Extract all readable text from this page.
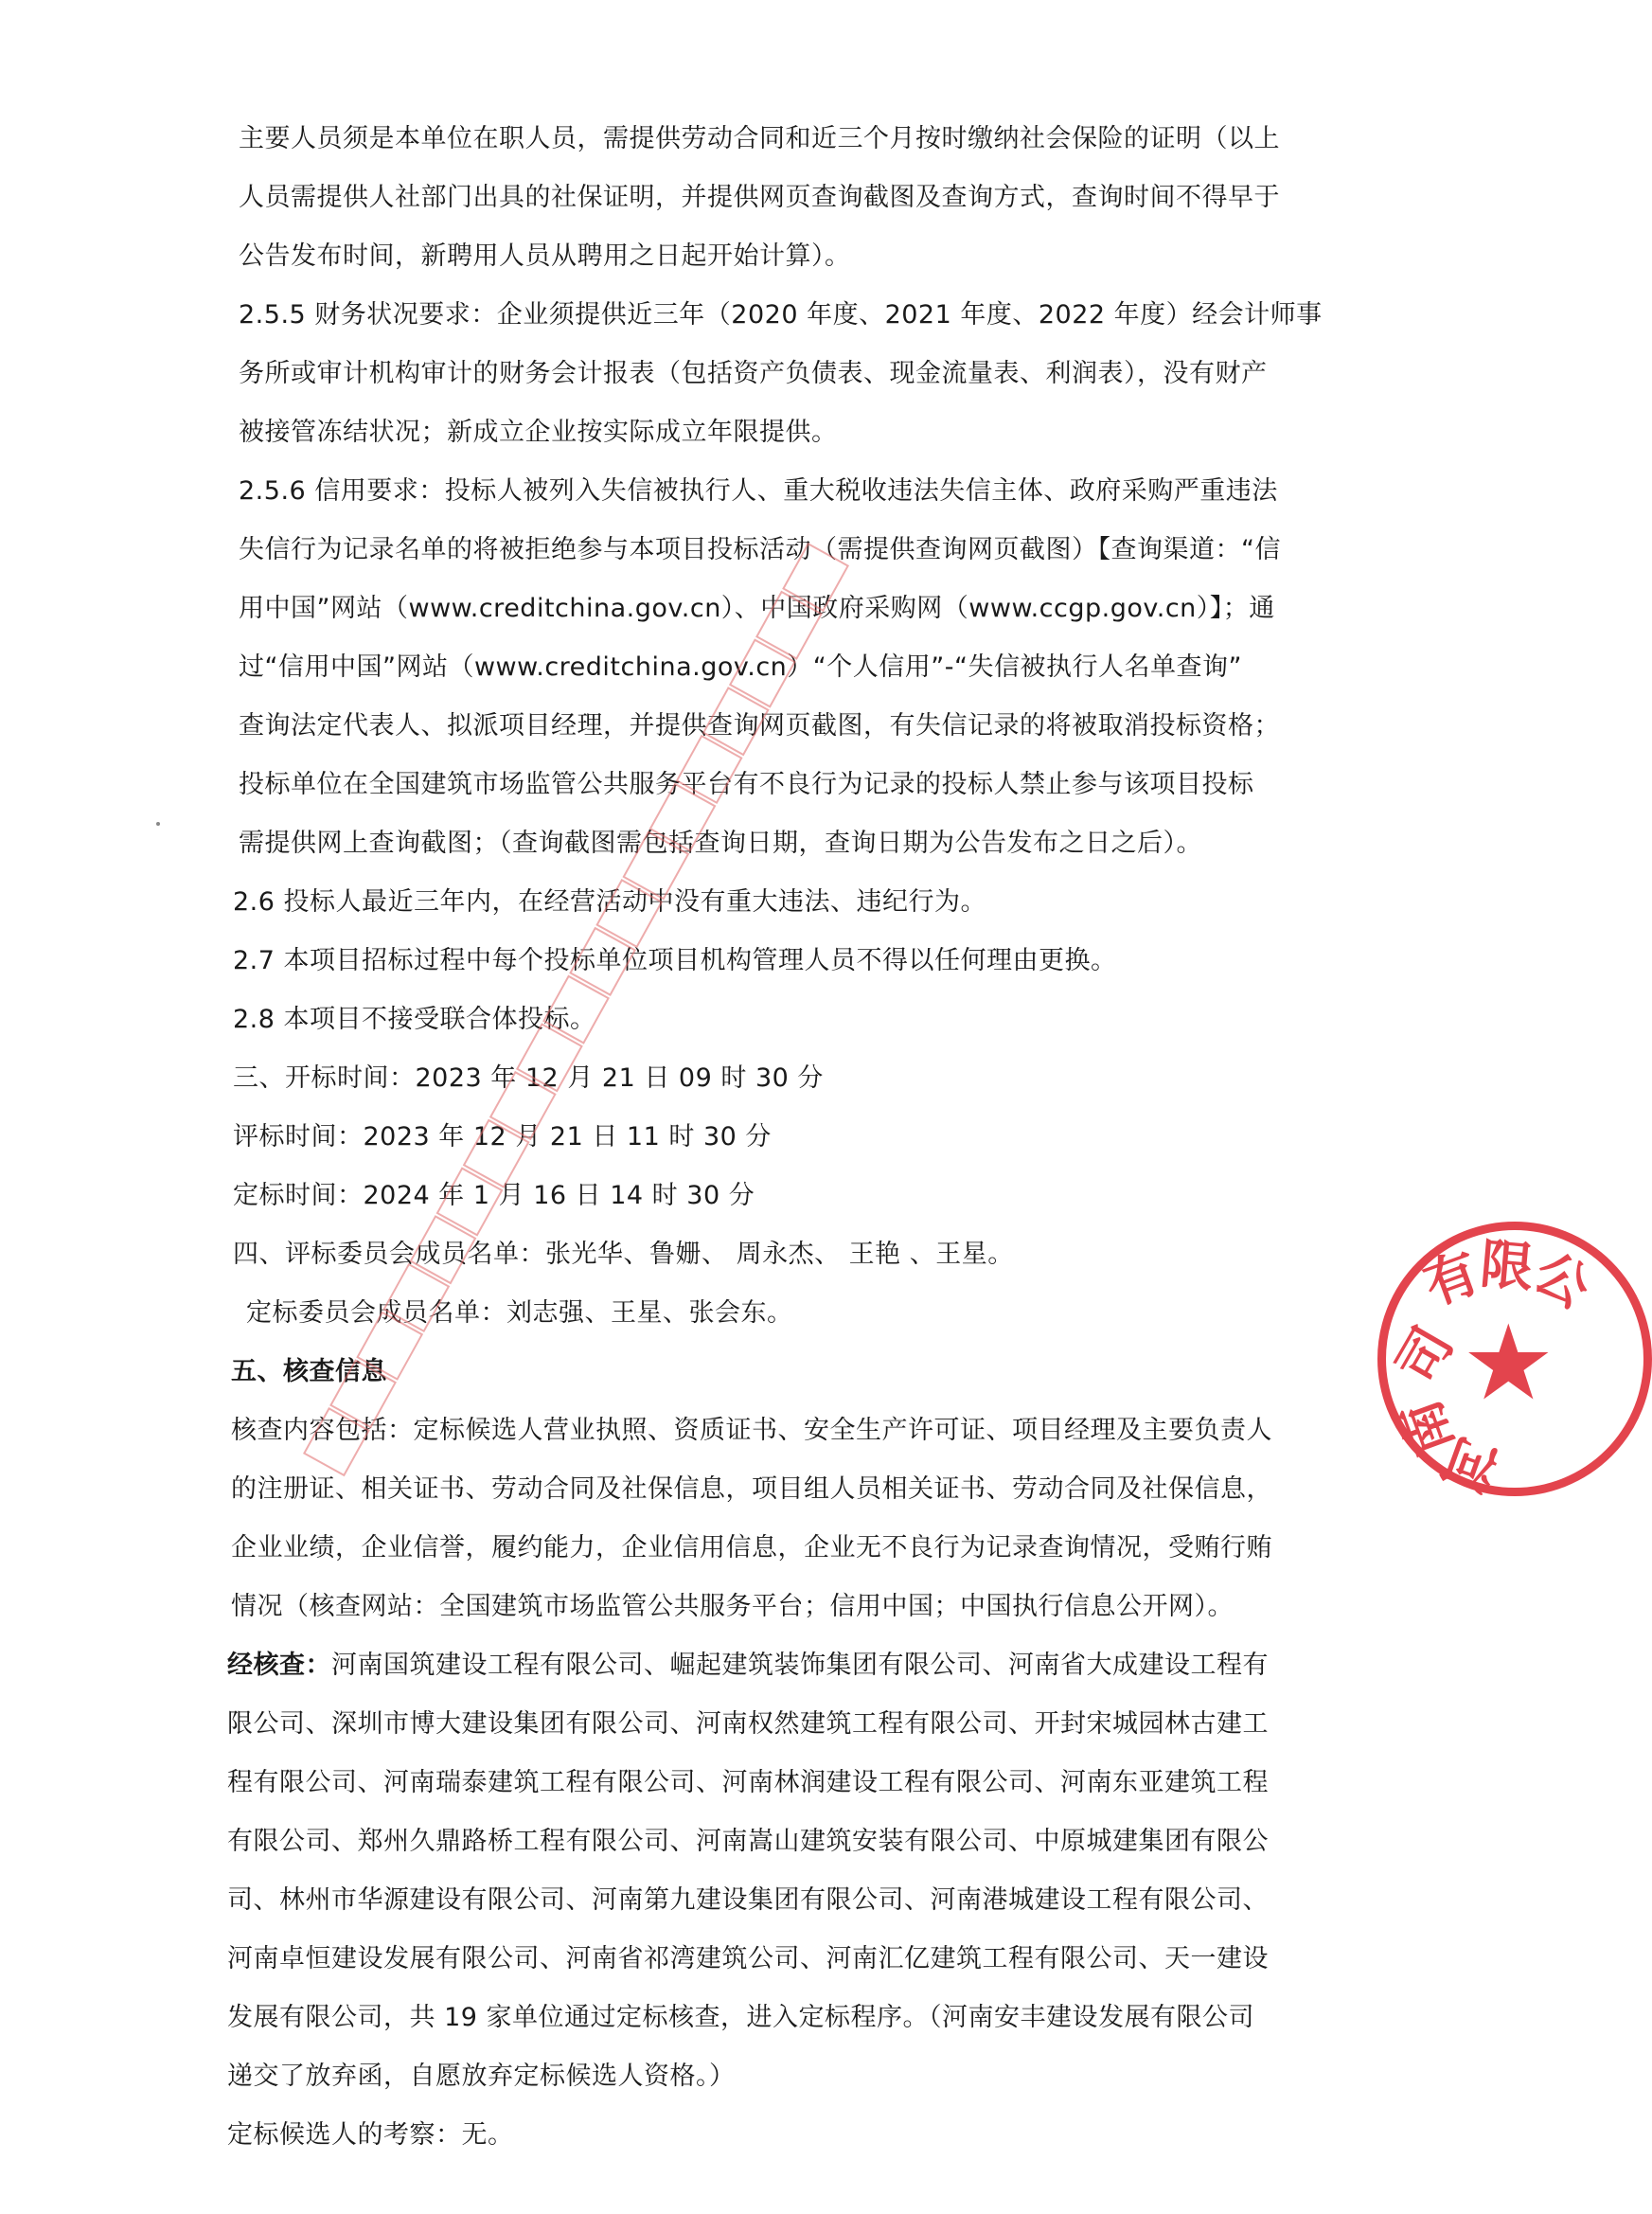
主要人员须是本单位在职人员，需提供劳动合同和近三个月按时缴纳社会保险的证明（以上
人员需提供人社部门出具的社保证明，并提供网页查询截图及查询方式，查询时间不得早于
公告发布时间，新聘用人员从聘用之日起开始计算）。
2.5.5 财务状况要求：企业须提供近三年（2020 年度、2021 年度、2022 年度）经会计师事
务所或审计机构审计的财务会计报表（包括资产负债表、现金流量表、利润表），没有财产
被接管冻结状况；新成立企业按实际成立年限提供。
2.5.6 信用要求：投标人被列入失信被执行人、重大税收违法失信主体、政府采购严重违法
失信行为记录名单的将被拒绝参与本项目投标活动（需提供查询网页截图）【查询渠道：“信
用中国”网站（www.creditchina.gov.cn）、中国政府采购网（www.ccgp.gov.cn）】；通
过“信用中国”网站（www.creditchina.gov.cn）“个人信用”-“失信被执行人名单查询”
查询法定代表人、拟派项目经理，并提供查询网页截图，有失信记录的将被取消投标资格；
投标单位在全国建筑市场监管公共服务平台有不良行为记录的投标人禁止参与该项目投标
需提供网上查询截图；（查询截图需包括查询日期，查询日期为公告发布之日之后）。
2.6 投标人最近三年内，在经营活动中没有重大违法、违纪行为。
2.7 本项目招标过程中每个投标单位项目机构管理人员不得以任何理由更换。
2.8 本项目不接受联合体投标。
三、开标时间：2023 年 12 月 21 日 09 时 30 分
评标时间：2023 年 12 月 21 日 11 时 30 分
定标时间：2024 年 1 月 16 日 14 时 30 分
四、评标委员会成员名单：张光华、鲁姗、 周永杰、 王艳 、王星。
定标委员会成员名单：刘志强、王星、张会东。
五、核查信息
核查内容包括：定标候选人营业执照、资质证书、安全生产许可证、项目经理及主要负责人
的注册证、相关证书、劳动合同及社保信息，项目组人员相关证书、劳动合同及社保信息，
企业业绩，企业信誉，履约能力，企业信用信息，企业无不良行为记录查询情况，受贿行贿
情况（核查网站：全国建筑市场监管公共服务平台；信用中国；中国执行信息公开网）。
经核查：河南国筑建设工程有限公司、崛起建筑装饰集团有限公司、河南省大成建设工程有
限公司、深圳市博大建设集团有限公司、河南权然建筑工程有限公司、开封宋城园林古建工
程有限公司、河南瑞泰建筑工程有限公司、河南林润建设工程有限公司、河南东亚建筑工程
有限公司、郑州久鼎路桥工程有限公司、河南嵩山建筑安装有限公司、中原城建集团有限公
司、林州市华源建设有限公司、河南第九建设集团有限公司、河南港城建设工程有限公司、
河南卓恒建设发展有限公司、河南省祁湾建筑公司、河南汇亿建筑工程有限公司、天一建设
发展有限公司，共 19 家单位通过定标核查，进入定标程序。（河南安丰建设发展有限公司
递交了放弃函，自愿放弃定标候选人资格。）
定标候选人的考察：无。
★
有
限
公
南
河
司
